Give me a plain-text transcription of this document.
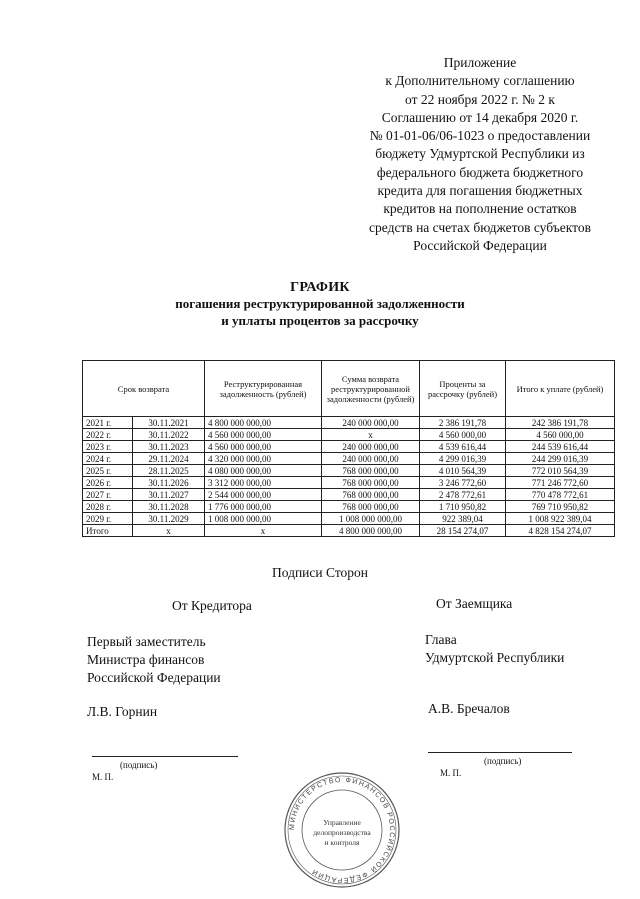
Приложение
к Дополнительному соглашению
от 22 ноября 2022 г. № 2 к
Соглашению от 14 декабря 2020 г.
№ 01-01-06/06-1023 о предоставлении
бюджету Удмуртской Республики из
федерального бюджета бюджетного
кредита для погашения бюджетных
кредитов на пополнение остатков
средств на счетах бюджетов субъектов
Российской Федерации
ГРАФИК
погашения реструктурированной задолженности
и уплаты процентов за рассрочку
Срок возврата		Реструктурированная задолженность (рублей)	Сумма возврата реструктурированной задолженности (рублей)	Проценты за рассрочку (рублей)	Итого к уплате (рублей)
2021 г.	30.11.2021	4 800 000 000,00	240 000 000,00	2 386 191,78	242 386 191,78
2022 г.	30.11.2022	4 560 000 000,00	х	4 560 000,00	4 560 000,00
2023 г.	30.11.2023	4 560 000 000,00	240 000 000,00	4 539 616,44	244 539 616,44
2024 г.	29.11.2024	4 320 000 000,00	240 000 000,00	4 299 016,39	244 299 016,39
2025 г.	28.11.2025	4 080 000 000,00	768 000 000,00	4 010 564,39	772 010 564,39
2026 г.	30.11.2026	3 312 000 000,00	768 000 000,00	3 246 772,60	771 246 772,60
2027 г.	30.11.2027	2 544 000 000,00	768 000 000,00	2 478 772,61	770 478 772,61
2028 г.	30.11.2028	1 776 000 000,00	768 000 000,00	1 710 950,82	769 710 950,82
2029 г.	30.11.2029	1 008 000 000,00	1 008 000 000,00	922 389,04	1 008 922 389,04
Итого	х	х	4 800 000 000,00	28 154 274,07	4 828 154 274,07
Подписи Сторон
От Кредитора	От Заемщика
Первый заместитель
Министра финансов
Российской Федерации
Глава
Удмуртской Республики
Л.В. Горнин	А.В. Бречалов
(подпись)	(подпись)
М. П.	М. П.
МИНИСТЕРСТВО ФИНАНСОВ РОССИЙСКОЙ ФЕДЕРАЦИИ
Управление
делопроизводства
и контроля
